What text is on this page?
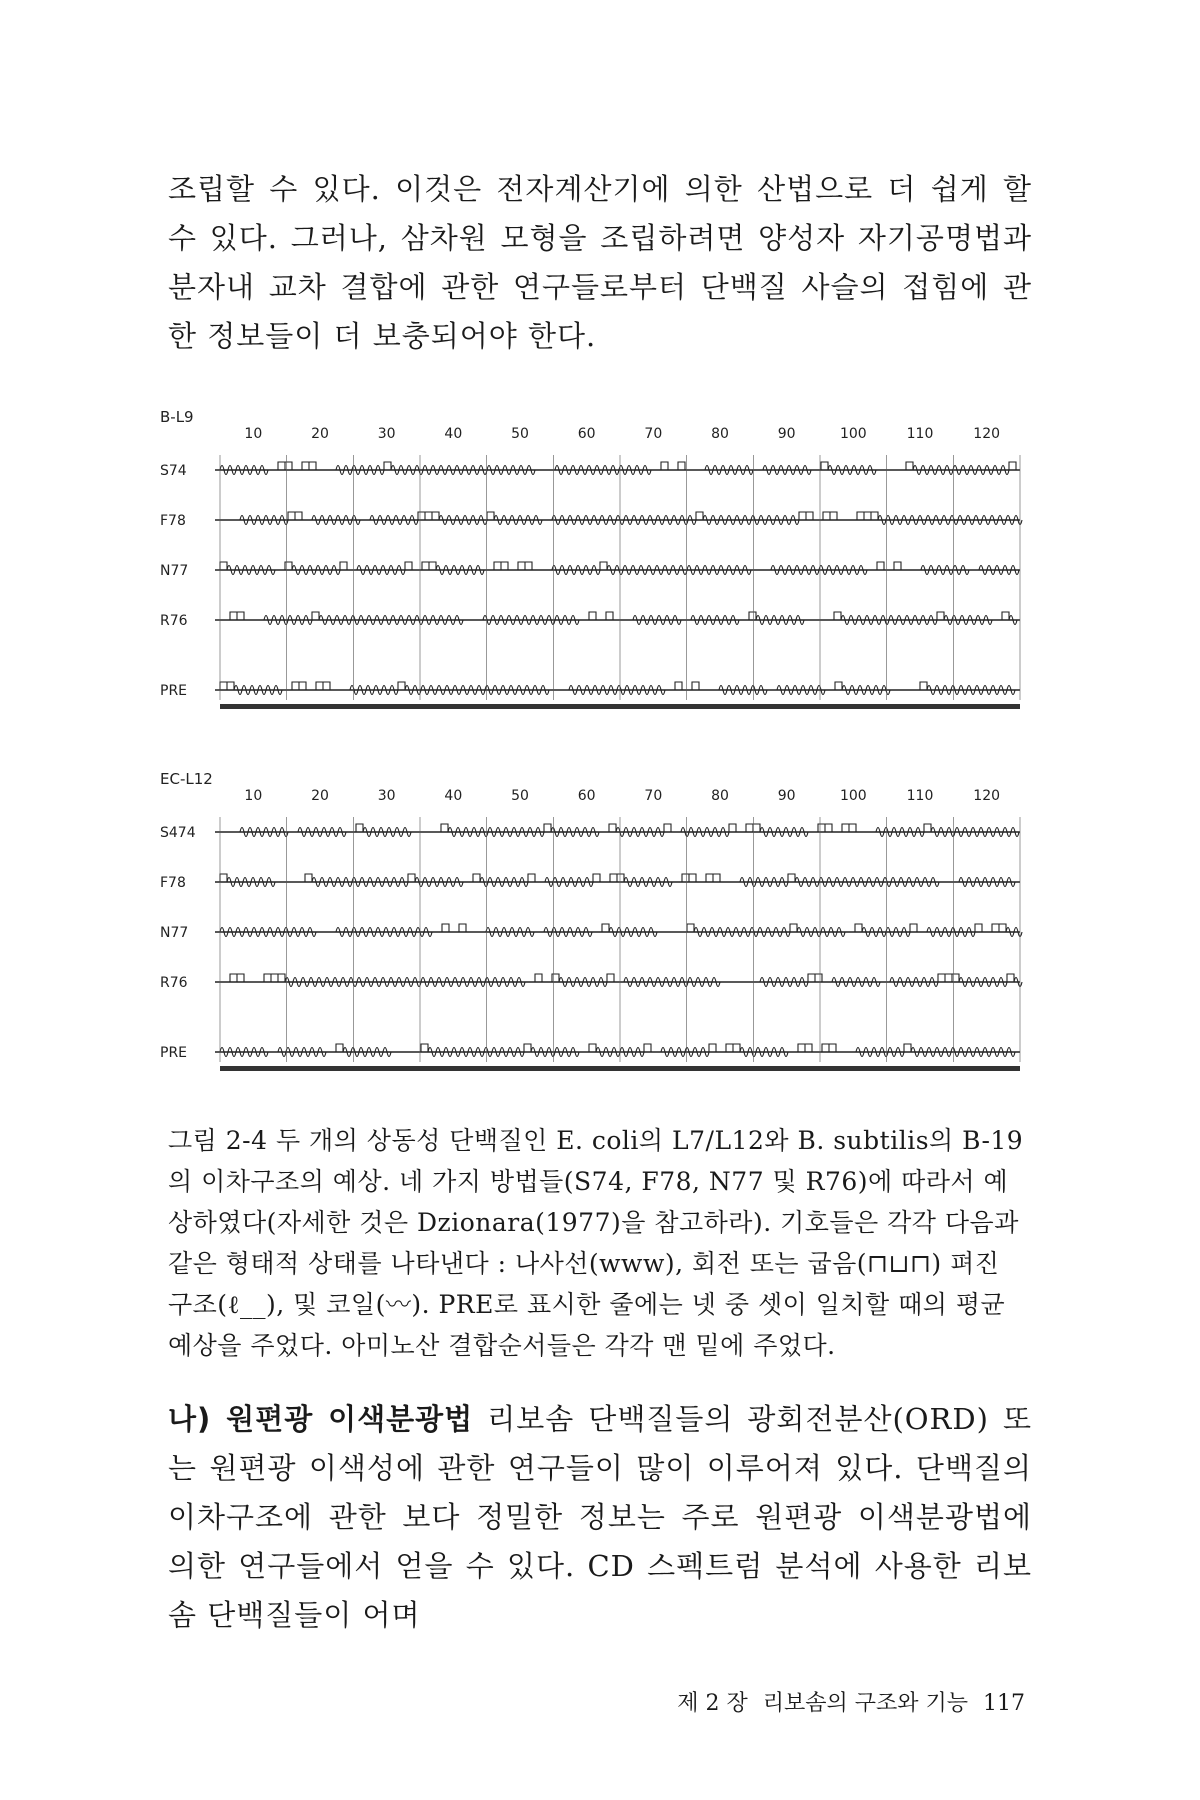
조립할 수 있다. 이것은 전자계산기에 의한 산법으로 더 쉽게 할 수 있다. 그러나, 삼차원 모형을 조립하려면 양성자 자기공명법과 분자내 교차 결합에 관한 연구들로부터 단백질 사슬의 접힘에 관한 정보들이 더 보충되어야 한다.

B-L9
10	20	30	40	50	60	70	80	90	100	110	120
S74
F78
N77
R76
PRE
EC-L12
10	20	30	40	50	60	70	80	90	100	110	120
S474
F78
N77
R76
PRE

그림 2-4 두 개의 상동성 단백질인 E. coli의 L7/L12와 B. subtilis의 B-19의 이차구조의 예상. 네 가지 방법들(S74, F78, N77 및 R76)에 따라서 예상하였다(자세한 것은 Dzionara(1977)을 참고하라). 기호들은 각각 다음과 같은 형태적 상태를 나타낸다 : 나사선(ᴡᴡᴡ), 회전 또는 굽음(⊓⊔⊓) 펴진 구조(ℓ__), 및 코일(〰). PRE로 표시한 줄에는 넷 중 셋이 일치할 때의 평균 예상을 주었다. 아미노산 결합순서들은 각각 맨 밑에 주었다.

나) 원편광 이색분광법 리보솜 단백질들의 광회전분산(ORD) 또는 원편광 이색성에 관한 연구들이 많이 이루어져 있다. 단백질의 이차구조에 관한 보다 정밀한 정보는 주로 원편광 이색분광법에 의한 연구들에서 얻을 수 있다. CD 스펙트럼 분석에 사용한 리보솜 단백질들이 어며

제 2 장 리보솜의 구조와 기능 117
